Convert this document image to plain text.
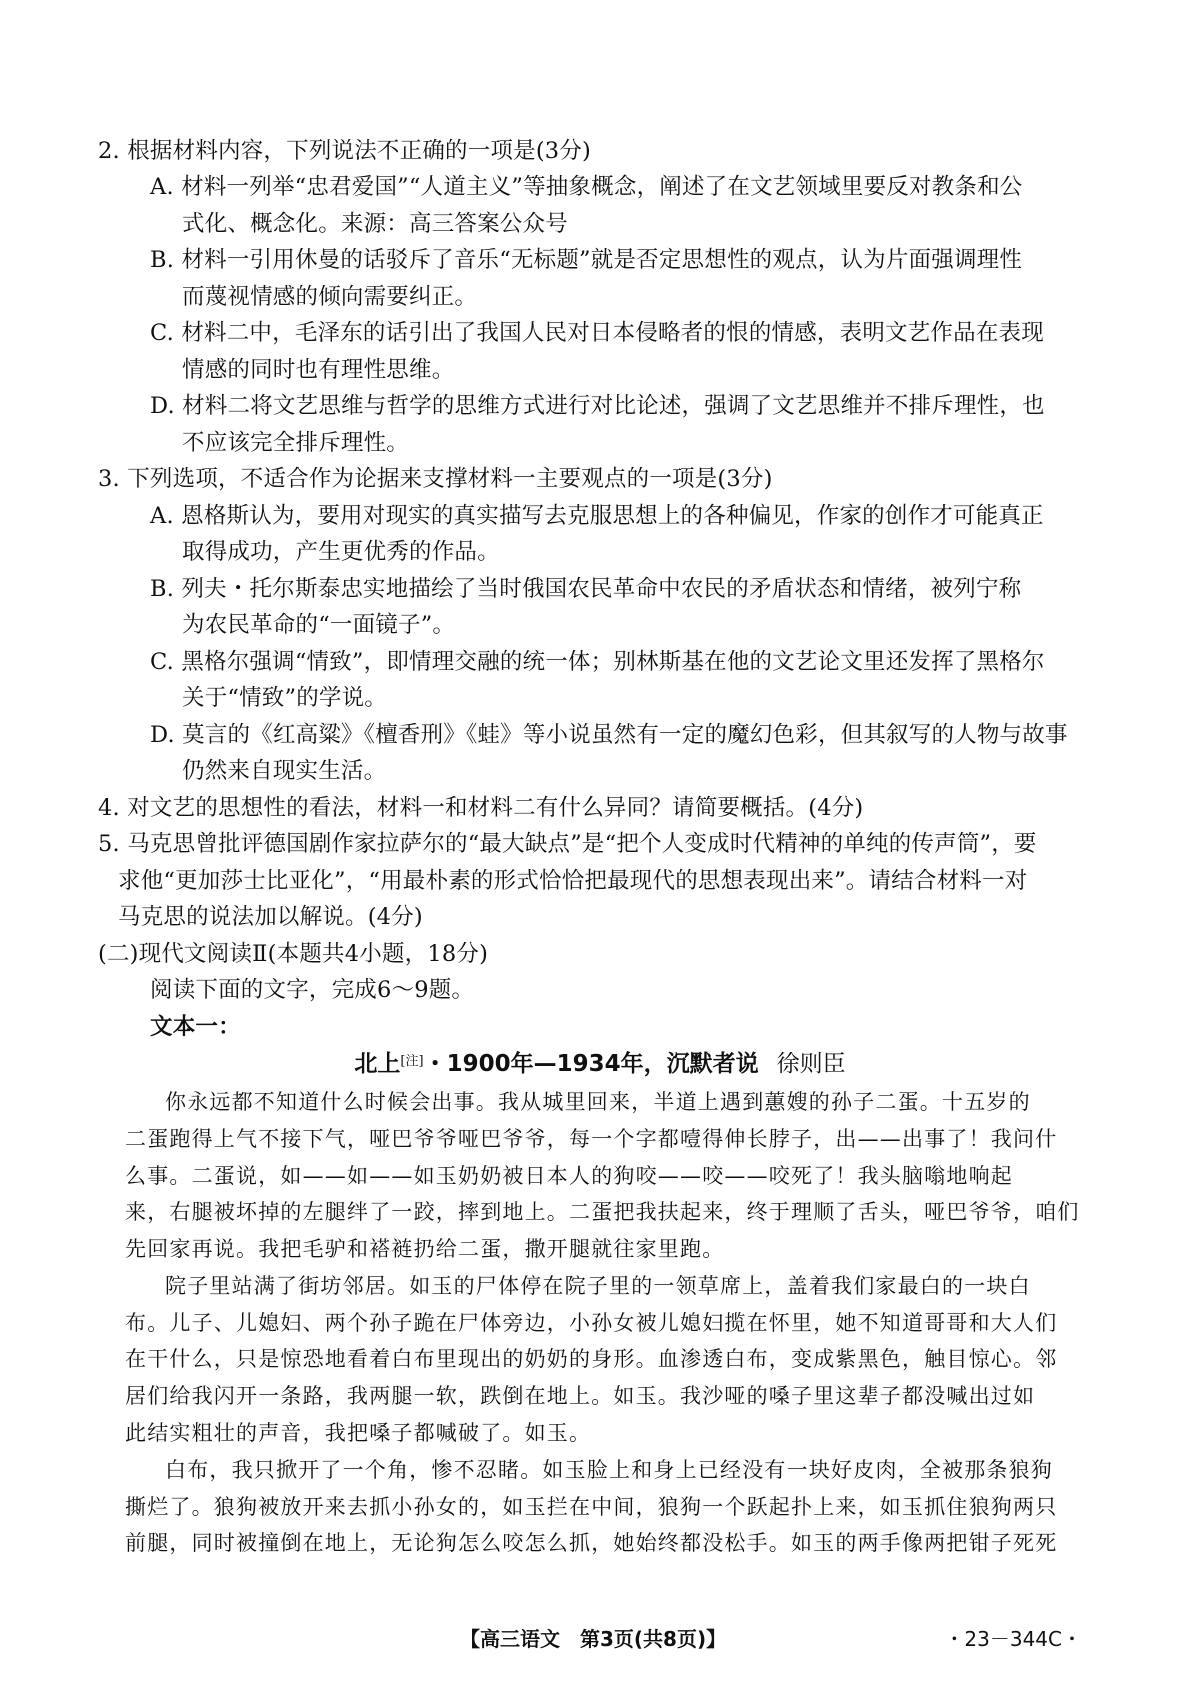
2. 根据材料内容，下列说法不正确的一项是(3分)
A. 材料一列举“忠君爱国”“人道主义”等抽象概念，阐述了在文艺领域里要反对教条和公
式化、概念化。来源：高三答案公众号
B. 材料一引用休曼的话驳斥了音乐“无标题”就是否定思想性的观点，认为片面强调理性
而蔑视情感的倾向需要纠正。
C. 材料二中，毛泽东的话引出了我国人民对日本侵略者的恨的情感，表明文艺作品在表现
情感的同时也有理性思维。
D. 材料二将文艺思维与哲学的思维方式进行对比论述，强调了文艺思维并不排斥理性，也
不应该完全排斥理性。
3. 下列选项，不适合作为论据来支撑材料一主要观点的一项是(3分)
A. 恩格斯认为，要用对现实的真实描写去克服思想上的各种偏见，作家的创作才可能真正
取得成功，产生更优秀的作品。
B. 列夫・托尔斯泰忠实地描绘了当时俄国农民革命中农民的矛盾状态和情绪，被列宁称
为农民革命的“一面镜子”。
C. 黑格尔强调“情致”，即情理交融的统一体；别林斯基在他的文艺论文里还发挥了黑格尔
关于“情致”的学说。
D. 莫言的《红高粱》《檀香刑》《蛙》等小说虽然有一定的魔幻色彩，但其叙写的人物与故事
仍然来自现实生活。
4. 对文艺的思想性的看法，材料一和材料二有什么异同？请简要概括。(4分)
5. 马克思曾批评德国剧作家拉萨尔的“最大缺点”是“把个人变成时代精神的单纯的传声筒”，要
求他“更加莎士比亚化”，“用最朴素的形式恰恰把最现代的思想表现出来”。请结合材料一对
马克思的说法加以解说。(4分)
(二)现代文阅读Ⅱ(本题共4小题，18分)
阅读下面的文字，完成6～9题。
文本一：
北上[注]・1900年—1934年，沉默者说 徐则臣
你永远都不知道什么时候会出事。我从城里回来，半道上遇到蕙嫂的孙子二蛋。十五岁的
二蛋跑得上气不接下气，哑巴爷爷哑巴爷爷，每一个字都噎得伸长脖子，出——出事了！我问什
么事。二蛋说，如——如——如玉奶奶被日本人的狗咬——咬——咬死了！我头脑嗡地响起
来，右腿被坏掉的左腿绊了一跤，摔到地上。二蛋把我扶起来，终于理顺了舌头，哑巴爷爷，咱们
先回家再说。我把毛驴和褡裢扔给二蛋，撒开腿就往家里跑。
院子里站满了街坊邻居。如玉的尸体停在院子里的一领草席上，盖着我们家最白的一块白
布。儿子、儿媳妇、两个孙子跪在尸体旁边，小孙女被儿媳妇揽在怀里，她不知道哥哥和大人们
在干什么，只是惊恐地看着白布里现出的奶奶的身形。血渗透白布，变成紫黑色，触目惊心。邻
居们给我闪开一条路，我两腿一软，跌倒在地上。如玉。我沙哑的嗓子里这辈子都没喊出过如
此结实粗壮的声音，我把嗓子都喊破了。如玉。
白布，我只掀开了一个角，惨不忍睹。如玉脸上和身上已经没有一块好皮肉，全被那条狼狗
撕烂了。狼狗被放开来去抓小孙女的，如玉拦在中间，狼狗一个跃起扑上来，如玉抓住狼狗两只
前腿，同时被撞倒在地上，无论狗怎么咬怎么抓，她始终都没松手。如玉的两手像两把钳子死死
【高三语文　第3页(共8页)】	・23－344C・
